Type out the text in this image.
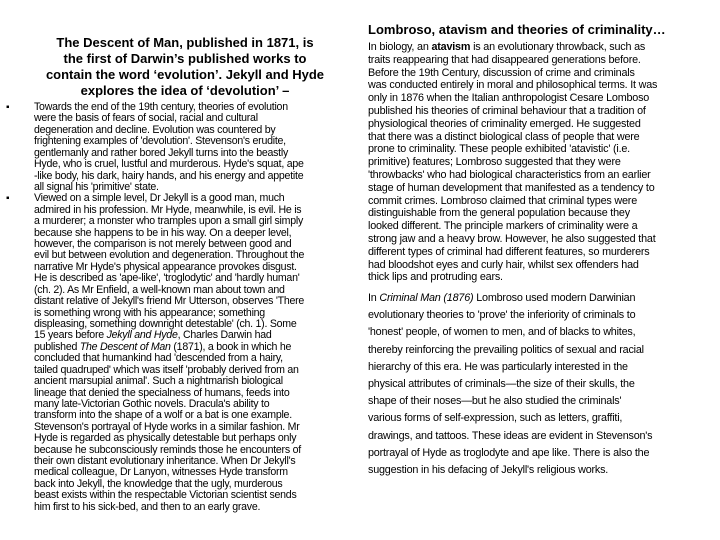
The Descent of Man, published in 1871, is
the first of Darwin’s published works to
contain the word ‘evolution’. Jekyll and Hyde
explores the idea of ‘devolution’ –
▪ Towards the end of the 19th century, theories of evolution
were the basis of fears of social, racial and cultural
degeneration and decline. Evolution was countered by
frightening examples of 'devolution'. Stevenson's erudite,
gentlemanly and rather bored Jekyll turns into the beastly
Hyde, who is cruel, lustful and murderous. Hyde's squat, ape
-like body, his dark, hairy hands, and his energy and appetite
all signal his 'primitive' state.
▪ Viewed on a simple level, Dr Jekyll is a good man, much
admired in his profession. Mr Hyde, meanwhile, is evil. He is
a murderer; a monster who tramples upon a small girl simply
because she happens to be in his way. On a deeper level,
however, the comparison is not merely between good and
evil but between evolution and degeneration. Throughout the
narrative Mr Hyde's physical appearance provokes disgust.
He is described as 'ape-like', 'troglodytic' and 'hardly human'
(ch. 2). As Mr Enfield, a well-known man about town and
distant relative of Jekyll's friend Mr Utterson, observes 'There
is something wrong with his appearance; something
displeasing, something downright detestable' (ch. 1). Some
15 years before Jekyll and Hyde, Charles Darwin had
published The Descent of Man (1871), a book in which he
concluded that humankind had 'descended from a hairy,
tailed quadruped' which was itself 'probably derived from an
ancient marsupial animal'. Such a nightmarish biological
lineage that denied the specialness of humans, feeds into
many late-Victorian Gothic novels. Dracula's ability to
transform into the shape of a wolf or a bat is one example.
Stevenson's portrayal of Hyde works in a similar fashion. Mr
Hyde is regarded as physically detestable but perhaps only
because he subconsciously reminds those he encounters of
their own distant evolutionary inheritance. When Dr Jekyll's
medical colleague, Dr Lanyon, witnesses Hyde transform
back into Jekyll, the knowledge that the ugly, murderous
beast exists within the respectable Victorian scientist sends
him first to his sick-bed, and then to an early grave.
Lombroso, atavism and theories of criminality…
In biology, an atavism is an evolutionary throwback, such as
traits reappearing that had disappeared generations before.
Before the 19th Century, discussion of crime and criminals
was conducted entirely in moral and philosophical terms. It was
only in 1876 when the Italian anthropologist Cesare Lomboso
published his theories of criminal behaviour that a tradition of
physiological theories of criminality emerged. He suggested
that there was a distinct biological class of people that were
prone to criminality. These people exhibited 'atavistic' (i.e.
primitive) features; Lombroso suggested that they were
'throwbacks' who had biological characteristics from an earlier
stage of human development that manifested as a tendency to
commit crimes. Lombroso claimed that criminal types were
distinguishable from the general population because they
looked different. The principle markers of criminality were a
strong jaw and a heavy brow. However, he also suggested that
different types of criminal had different features, so murderers
had bloodshot eyes and curly hair, whilst sex offenders had
thick lips and protruding ears.
In Criminal Man (1876) Lombroso used modern Darwinian
evolutionary theories to 'prove' the inferiority of criminals to
'honest' people, of women to men, and of blacks to whites,
thereby reinforcing the prevailing politics of sexual and racial
hierarchy of this era. He was particularly interested in the
physical attributes of criminals—the size of their skulls, the
shape of their noses—but he also studied the criminals'
various forms of self-expression, such as letters, graffiti,
drawings, and tattoos. These ideas are evident in Stevenson's
portrayal of Hyde as troglodyte and ape like. There is also the
suggestion in his defacing of Jekyll's religious works.
